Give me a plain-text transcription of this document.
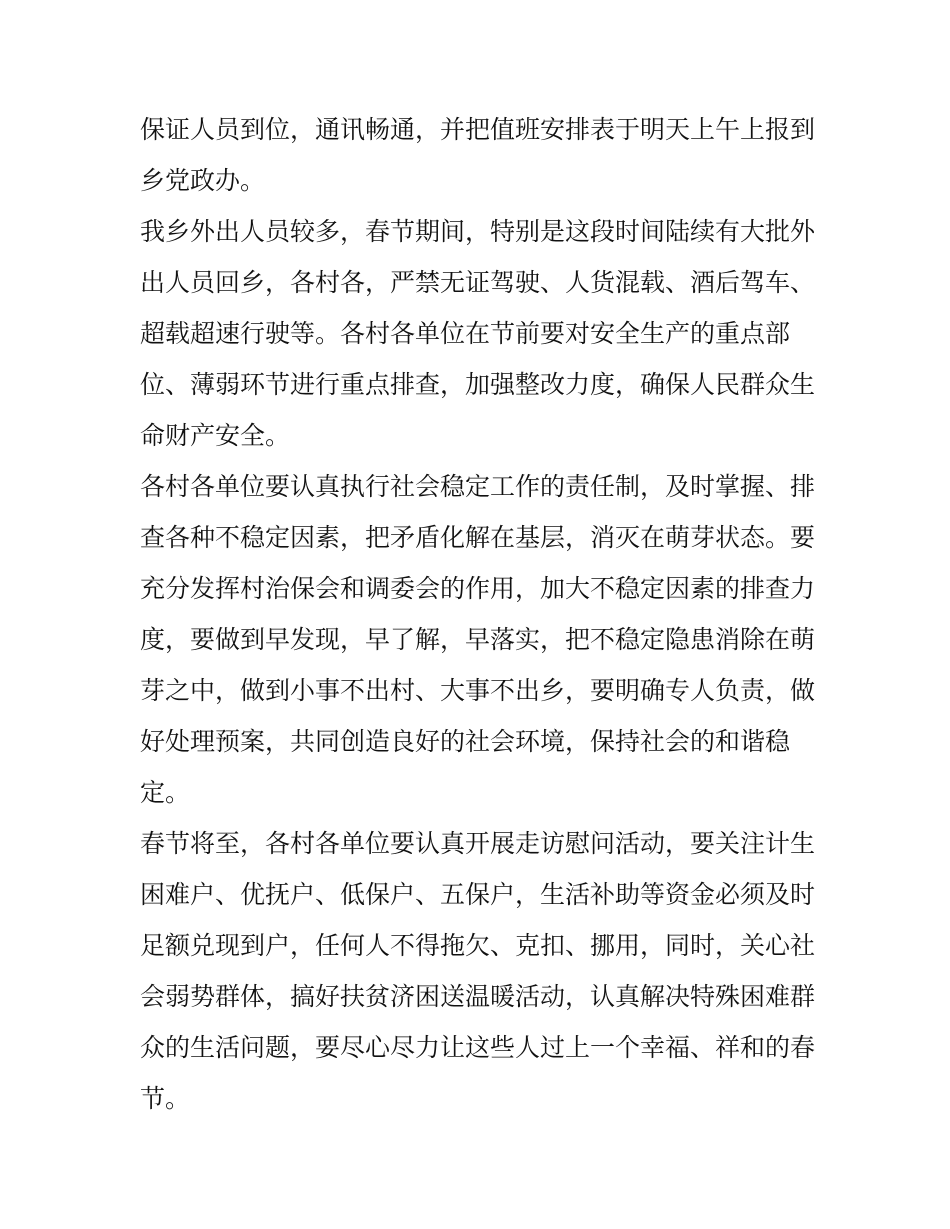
保证人员到位，通讯畅通，并把值班安排表于明天上午上报到
乡党政办。
我乡外出人员较多，春节期间，特别是这段时间陆续有大批外
出人员回乡，各村各，严禁无证驾驶、人货混载、酒后驾车、
超载超速行驶等。各村各单位在节前要对安全生产的重点部
位、薄弱环节进行重点排查，加强整改力度，确保人民群众生
命财产安全。
各村各单位要认真执行社会稳定工作的责任制，及时掌握、排
查各种不稳定因素，把矛盾化解在基层，消灭在萌芽状态。要
充分发挥村治保会和调委会的作用，加大不稳定因素的排查力
度，要做到早发现，早了解，早落实，把不稳定隐患消除在萌
芽之中，做到小事不出村、大事不出乡，要明确专人负责，做
好处理预案，共同创造良好的社会环境，保持社会的和谐稳
定。
春节将至，各村各单位要认真开展走访慰问活动，要关注计生
困难户、优抚户、低保户、五保户，生活补助等资金必须及时
足额兑现到户，任何人不得拖欠、克扣、挪用，同时，关心社
会弱势群体，搞好扶贫济困送温暖活动，认真解决特殊困难群
众的生活问题，要尽心尽力让这些人过上一个幸福、祥和的春
节。
